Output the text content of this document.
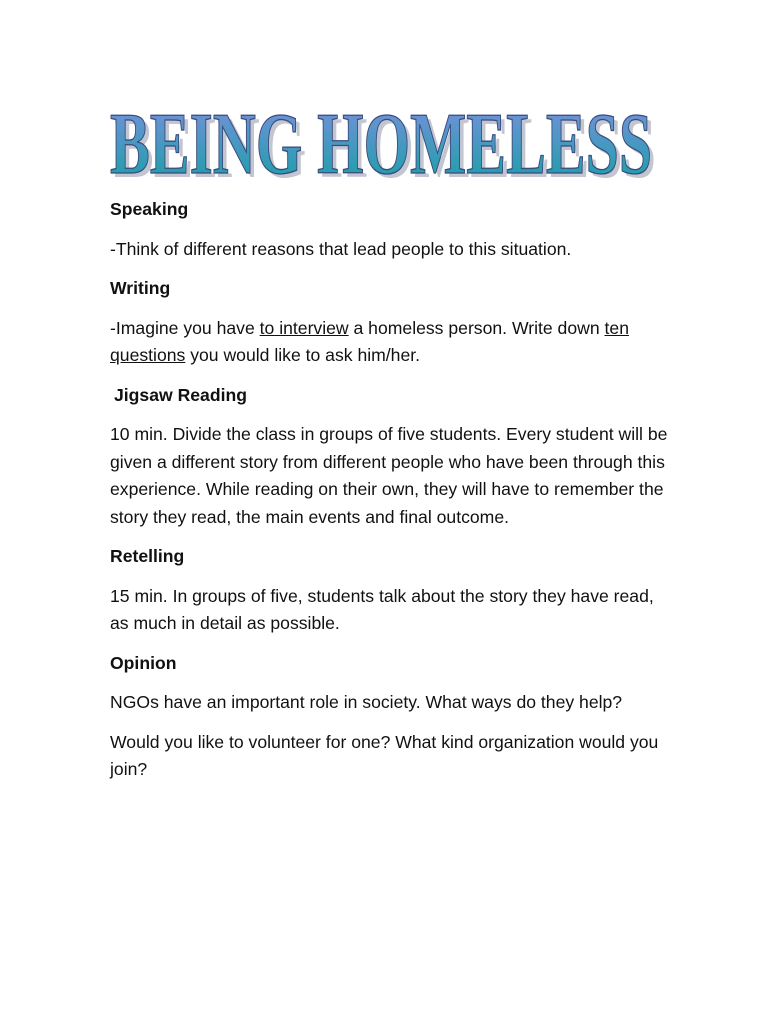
BEING HOMELESS
BEING HOMELESS
Speaking
-Think of different reasons that lead people to this situation.
Writing
-Imagine you have to interview a homeless person. Write down ten questions you would like to ask him/her.
Jigsaw Reading
10 min. Divide the class in groups of five students. Every student will be given a different story from different people who have been through this experience. While reading on their own, they will have to remember the story they read, the main events and final outcome.
Retelling
15 min. In groups of five, students talk about the story they have read, as much in detail as possible.
Opinion
NGOs have an important role in society. What ways do they help?
Would you like to volunteer for one? What kind organization would you join?
